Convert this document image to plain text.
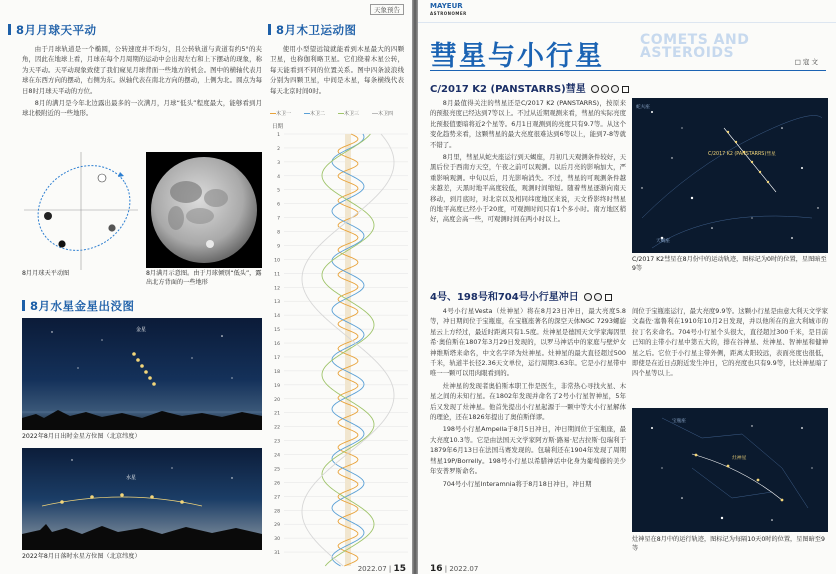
天象预告
8月月球天平动

由于月球轨道是一个椭圆，公转速度并不均匀，且公转轨道与黄道有约5°的夹角，因此在地球上看，月球在每个月周期的运动中会出现左右和上下摆动的现象，称为天平动。天平动现象致使了我们窥见月球背面一些地方的机会。图中的横轴代表月球在东西方向的摆动，右侧为东。纵轴代表在南北方向的摆动，上侧为北。圆点为每日8时月球天平动的方位。

8月的满月是今年北边露出最多的一次满月，月球“低头”程度最大，能够看到月球北极附近的一些地形。

8月月球天平动图	8月满月示意图。由于月球倾别“低头”，露出北方背面的一些地形
8月水星金星出没图
金星
2022年8月日出时金星方位图（北京纬度）
水星
2022年8月日落时水星方位图（北京纬度）
8月木卫运动图

使用小型望远镜就能看到木星最大的四颗卫星，也称伽利略卫星。它们绕着木星公转，每天能看到不同的位置关系。图中四条波浪线分别为四颗卫星，中间是木星，每条横线代表每天北京时间0时。

木卫一	木卫二	木卫三	木卫四
日期
1
2
3
4
5
6
7
8
9
10
11
12
13
14
15
16
17
18
19
20
21
22
23
24
25
26
27
28
29
30
31
2022.07 | 15
MAYEUR
ASTRONOMER
彗星与小行星
COMETS AND
ASTEROIDS
□ 寇 文
C/2017 K2 (PANSTARRS)彗星

8月最值得关注的彗星还是C/2017 K2 (PANSTARRS)，按原来的预报亮度已经达到7等以上。不过从近期观测来看，彗星的实际亮度比预报值要暗将近2个星等。6月1日观测到的亮度只有9.7等。从这个变化趋势来看，这颗彗星的最大亮度很难达到6等以上，能到7-8等就不错了。

8月里，彗星从蛇夫座运行到天蝎座，月初几天观测条件较好，天黑后位于西南方天空，午夜之前可以观测。以后月亮的影响加大，严重影响观测。中旬以后，月光影响消失。不过，彗星的可观测条件越来越差，天黑时地平高度较低，观测时间缩短。随着彗星逐渐向南天移动，到月底时，对北京以及相同纬度地区来说，天文昏影终时彗星的地平高度已经小于20度，可观测时间只有1个多小时。南方地区稍好，高度会高一些，可观测时间在两小时以上。

C/2017 K2 (PANSTARRS)彗星
蛇夫座
天蝎座
C/2017 K2彗星在8月份中的运动轨迹，图标记为0时的位置，星图暗至9等
4号、198号和704号小行星冲日

4号小行星Vesta（灶神星）将在8月23日冲日，最大亮度5.8等，冲日期间位于宝瓶座，在宝瓶座著名的深空天体NGC 7293螺旋星云上方经过，最近时距离只有1.5度。灶神星是德国天文学家海因里希·奥伯斯在1807年3月29日发现的，以罗马神话中的家庭与壁炉女神维斯塔来命名，中文名字译为灶神星。灶神星的最大直径超过500千米，轨道半长径2.36天文单位，运行周期3.63年。它是小行星带中唯一一颗可以用肉眼看到的。

灶神星的发现者奥伯斯本职工作是医生，非常热心寻找火星、木星之间的未知行星。在1802年发现并命名了2号小行星智神星，5年后又发现了灶神星。他首先提出小行星起源于一颗中等大小行星解体的理论，还在1826年提出了奥伯斯佯谬。

198号小行星Ampella于8月5日冲日，冲日期间位于宝瓶座，最大亮度10.3等。它是由法国天文学家阿方斯·路易·尼古拉斯·包瑞利于1879年6月13日在法国马赛发现的。包瑞利还在1904年发现了周期彗星19P/Borrelly。198号小行星以希腊神话中化身为葡萄藤的美少年安普罗斯命名。

704号小行星Interamnia将于8月18日冲日，冲日期

间位于宝瓶座运行，最大亮度9.9等。这颗小行星是由意大利天文学家文森佐·塞鲁利在1910年10月2日发现，并以他所在的意大利城市的拉丁名来命名。704号小行星个头很大，直径超过300千米，是目前已知的主带小行星中第五大的，排在谷神星、灶神星、智神星和健神星之后。它位于小行星主带外侧，距离太阳较远，表面亮度也很低，即使是在近日点附近发生冲日，它的亮度也只有9.9等，比灶神星暗了四个星等以上。

灶神星
宝瓶座
灶神星在8月中的运行轨迹，图标记为每隔10天0时的位置，星图暗至9等
16 | 2022.07
